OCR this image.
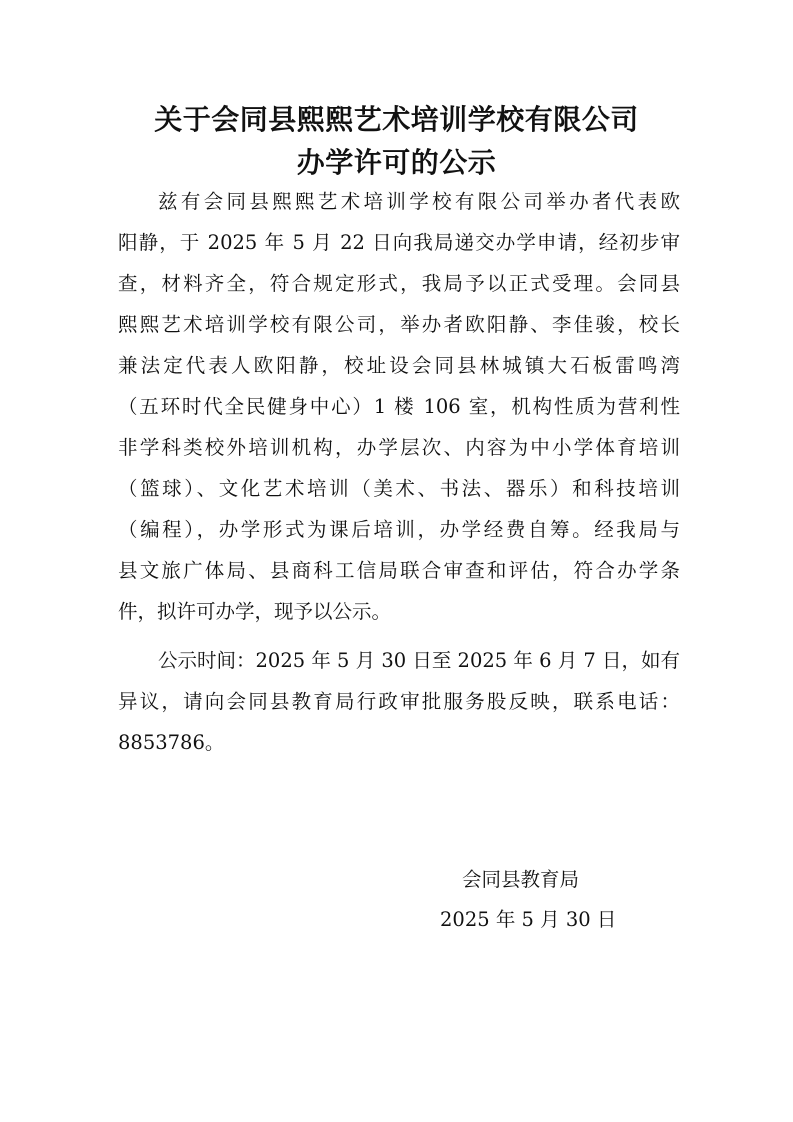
关于会同县熙熙艺术培训学校有限公司
办学许可的公示
兹有会同县熙熙艺术培训学校有限公司举办者代表欧
阳静，于 2025 年 5 月 22 日向我局递交办学申请，经初步审
查，材料齐全，符合规定形式，我局予以正式受理。会同县
熙熙艺术培训学校有限公司，举办者欧阳静、李佳骏，校长
兼法定代表人欧阳静，校址设会同县林城镇大石板雷鸣湾
（五环时代全民健身中心）1 楼 106 室，机构性质为营利性
非学科类校外培训机构，办学层次、内容为中小学体育培训
（篮球）、文化艺术培训（美术、书法、器乐）和科技培训
（编程），办学形式为课后培训，办学经费自筹。经我局与
县文旅广体局、县商科工信局联合审查和评估，符合办学条
件，拟许可办学，现予以公示。
公示时间：2025 年 5 月 30 日至 2025 年 6 月 7 日，如有
异议，请向会同县教育局行政审批服务股反映，联系电话：
8853786。
会同县教育局
2025 年 5 月 30 日
